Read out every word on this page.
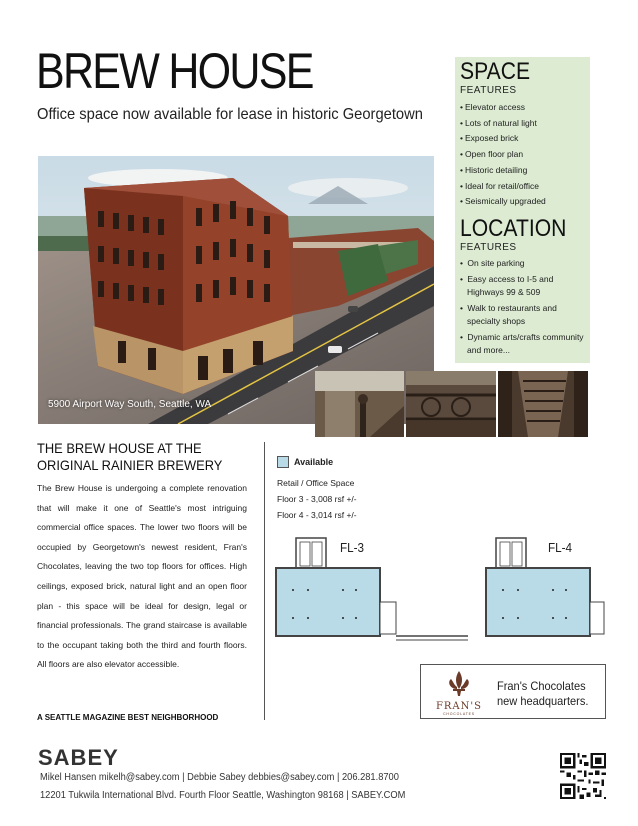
BREW HOUSE
Office space now available for lease in historic Georgetown
SPACE
FEATURES
• Elevator access
• Lots of natural light
• Exposed brick
• Open floor plan
• Historic detailing
• Ideal for retail/office
• Seismically upgraded
LOCATION
FEATURES
• On site parking
• Easy access to I-5 and Highways 99 & 509
• Walk to restaurants and specialty shops
• Dynamic arts/crafts community and more...
5900 Airport Way South, Seattle, WA
THE BREW HOUSE AT THE
ORIGINAL RAINIER BREWERY
The Brew House is undergoing a complete renovation that will make it one of Seattle's most intriguing commercial office spaces. The lower two floors will be occupied by Georgetown's newest resident, Fran's Chocolates, leaving the two top floors for offices. High ceilings, exposed brick, natural light and an open floor plan - this space will be ideal for design, legal or financial professionals. The grand staircase is available to the occupant taking both the third and fourth floors. All floors are also elevator accessible.
A SEATTLE MAGAZINE BEST NEIGHBORHOOD
Available
Retail / Office Space
Floor 3 - 3,008 rsf +/-
Floor 4 - 3,014 rsf +/-
FL-3	FL-4
FRAN'S
CHOCOLATES
Fran's Chocolates
new headquarters.
SABEY
Mikel Hansen mikelh@sabey.com | Debbie Sabey debbies@sabey.com | 206.281.8700
12201 Tukwila International Blvd. Fourth Floor Seattle, Washington 98168 | SABEY.COM
